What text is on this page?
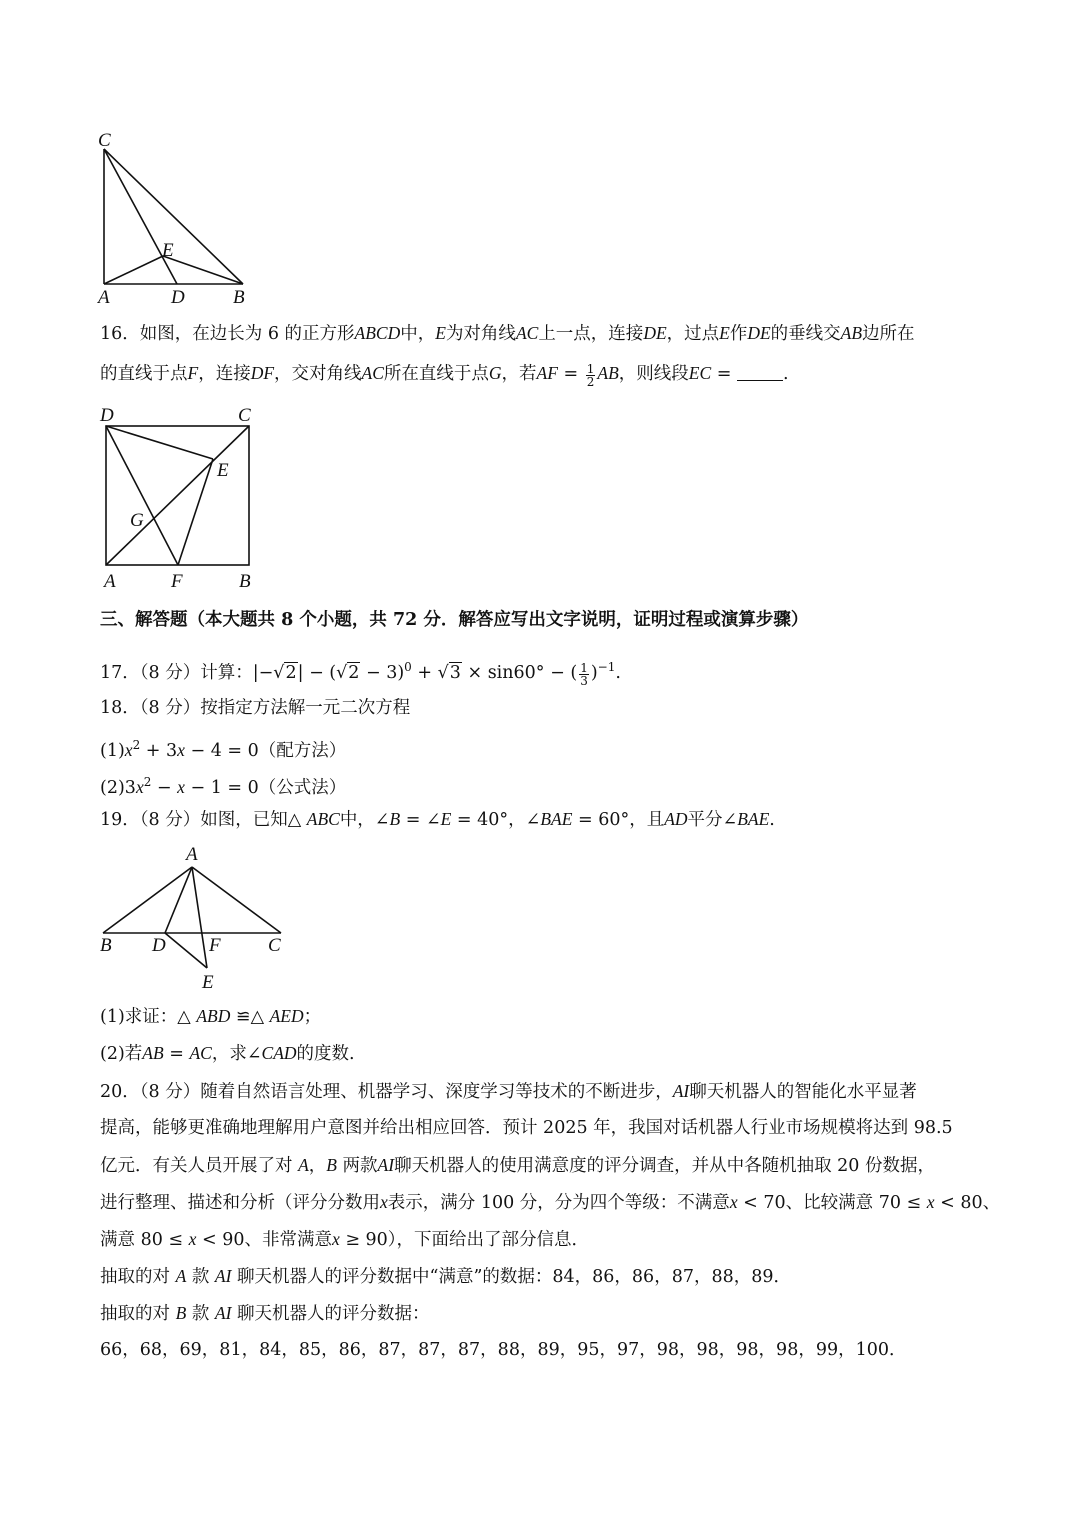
C
E
A	D	B
16．如图，在边长为 6 的正方形ABCD中，E为对角线AC上一点，连接DE，过点E作DE的垂线交AB边所在
的直线于点F，连接DF，交对角线AC所在直线于点G，若AF = $\frac{1}{2}$ AB，则线段EC =	.
D	C
E
G
A	F	B
三、解答题（本大题共 8 个小题，共 72 分．解答应写出文字说明，证明过程或演算步骤）
17．（8 分）计算：$|-√2| - (√2 - 3)^0 + √3 \times \sin 60^\circ$ − ( $\frac{1}{3} )^{-1}$.
18．（8 分）按指定方法解一元二次方程
$(1)x^2 + 3x - 4 = 0$（配方法）
$(2)3x^2 - x - 1 = 0$（公式法）
19．（8 分）如图，已知△ ABC中，∠B = ∠E = 40°，∠BAE = 60°，且AD平分∠BAE.
A
B D F C
E
(1)求证：△ ABD ≌△ AED；
(2)若AB = AC，求∠CAD的度数.
20．（8 分）随着自然语言处理、机器学习、深度学习等技术的不断进步，AI聊天机器人的智能化水平显著
提高，能够更准确地理解用户意图并给出相应回答．预计 2025 年，我国对话机器人行业市场规模将达到 98.5
亿元．有关人员开展了对 A，B 两款AI聊天机器人的使用满意度的评分调查，并从中各随机抽取 20 份数据，
进行整理、描述和分析（评分分数用x表示，满分 100 分，分为四个等级：不满意x < 70、比较满意 70 ≤ x < 80、
满意 80 ≤ x < 90、非常满意x ≥ 90），下面给出了部分信息．
抽取的对 A 款 AI 聊天机器人的评分数据中“满意”的数据：84，86，86，87，88，89．
抽取的对 B 款 AI 聊天机器人的评分数据：
66，68，69，81，84，85，86，87，87，87，88，89，95，97，98，98，98，98，99，100．
